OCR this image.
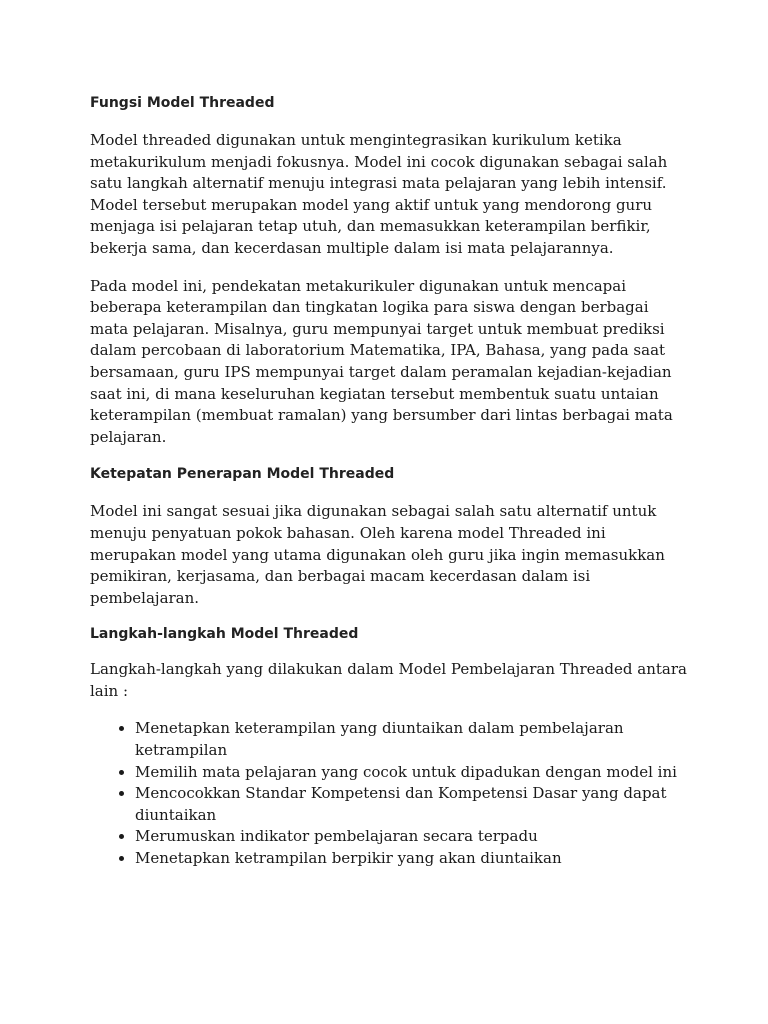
Fungsi Model Threaded

Model threaded digunakan untuk mengintegrasikan kurikulum ketika metakurikulum menjadi fokusnya. Model ini cocok digunakan sebagai salah satu langkah alternatif menuju integrasi mata pelajaran yang lebih intensif. Model tersebut merupakan model yang aktif untuk yang mendorong guru menjaga isi pelajaran tetap utuh, dan memasukkan keterampilan berfikir, bekerja sama, dan kecerdasan multiple dalam isi mata pelajarannya.

Pada model ini, pendekatan metakurikuler digunakan untuk mencapai beberapa keterampilan dan tingkatan logika para siswa dengan berbagai mata pelajaran. Misalnya, guru mempunyai target untuk membuat prediksi dalam percobaan di laboratorium Matematika, IPA, Bahasa, yang pada saat bersamaan, guru IPS mempunyai target dalam peramalan kejadian-kejadian saat ini, di mana keseluruhan kegiatan tersebut membentuk suatu untaian keterampilan (membuat ramalan) yang bersumber dari lintas berbagai mata pelajaran.

Ketepatan Penerapan Model Threaded

Model ini sangat sesuai jika digunakan sebagai salah satu alternatif untuk menuju penyatuan pokok bahasan. Oleh karena model Threaded ini merupakan model yang utama digunakan oleh guru jika ingin memasukkan pemikiran, kerjasama, dan berbagai macam kecerdasan dalam isi pembelajaran.

Langkah-langkah Model Threaded

Langkah-langkah yang dilakukan dalam Model Pembelajaran Threaded antara lain :

• Menetapkan keterampilan yang diuntaikan dalam pembelajaran ketrampilan
• Memilih mata pelajaran yang cocok untuk dipadukan dengan model ini
• Mencocokkan Standar Kompetensi dan Kompetensi Dasar yang dapat diuntaikan
• Merumuskan indikator pembelajaran secara terpadu
• Menetapkan ketrampilan berpikir yang akan diuntaikan
